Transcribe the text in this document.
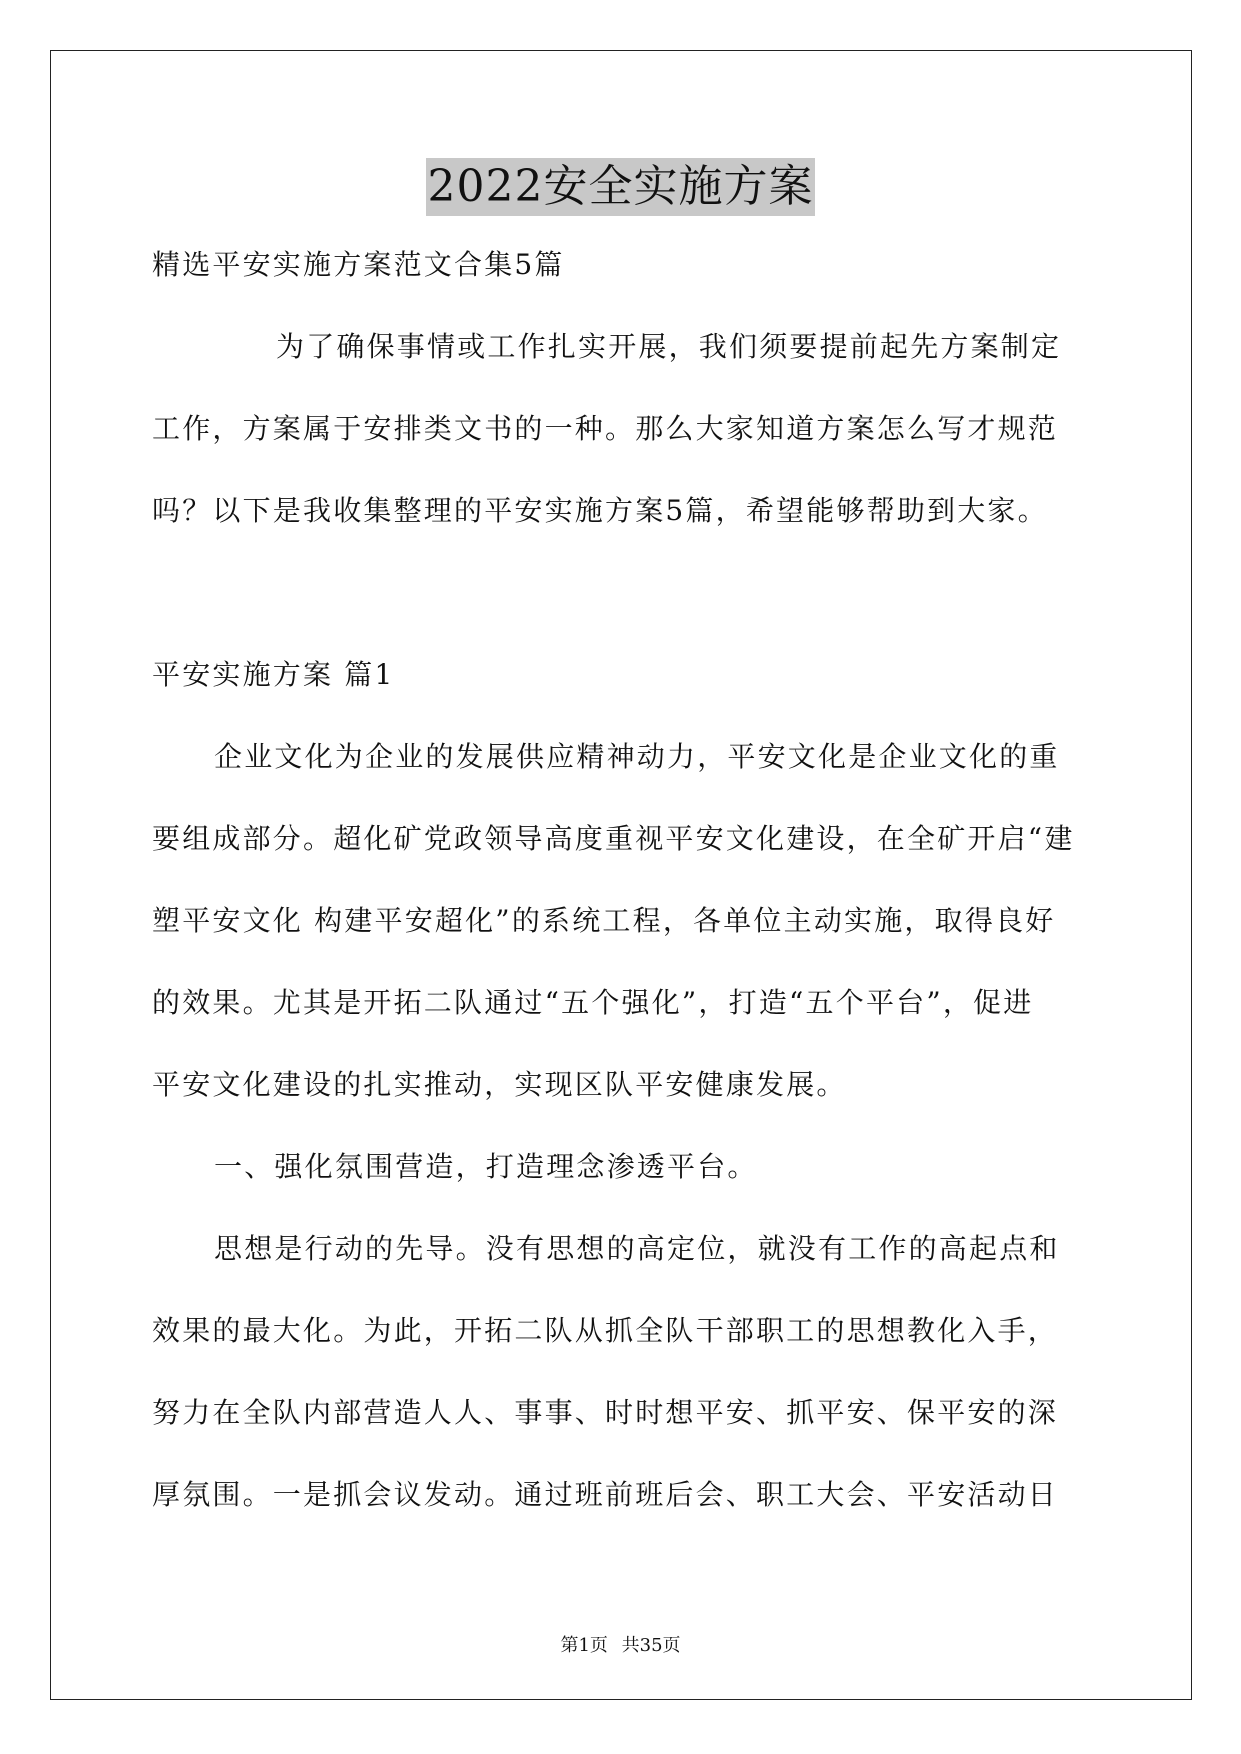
2022安全实施方案
精选平安实施方案范文合集5篇
为了确保事情或工作扎实开展，我们须要提前起先方案制定
工作，方案属于安排类文书的一种。那么大家知道方案怎么写才规范
吗？以下是我收集整理的平安实施方案5篇，希望能够帮助到大家。
平安实施方案 篇1
企业文化为企业的发展供应精神动力，平安文化是企业文化的重
要组成部分。超化矿党政领导高度重视平安文化建设，在全矿开启“建
塑平安文化 构建平安超化”的系统工程，各单位主动实施，取得良好
的效果。尤其是开拓二队通过“五个强化”，打造“五个平台”，促进
平安文化建设的扎实推动，实现区队平安健康发展。
一、强化氛围营造，打造理念渗透平台。
思想是行动的先导。没有思想的高定位，就没有工作的高起点和
效果的最大化。为此，开拓二队从抓全队干部职工的思想教化入手，
努力在全队内部营造人人、事事、时时想平安、抓平安、保平安的深
厚氛围。一是抓会议发动。通过班前班后会、职工大会、平安活动日
第1页 共35页
